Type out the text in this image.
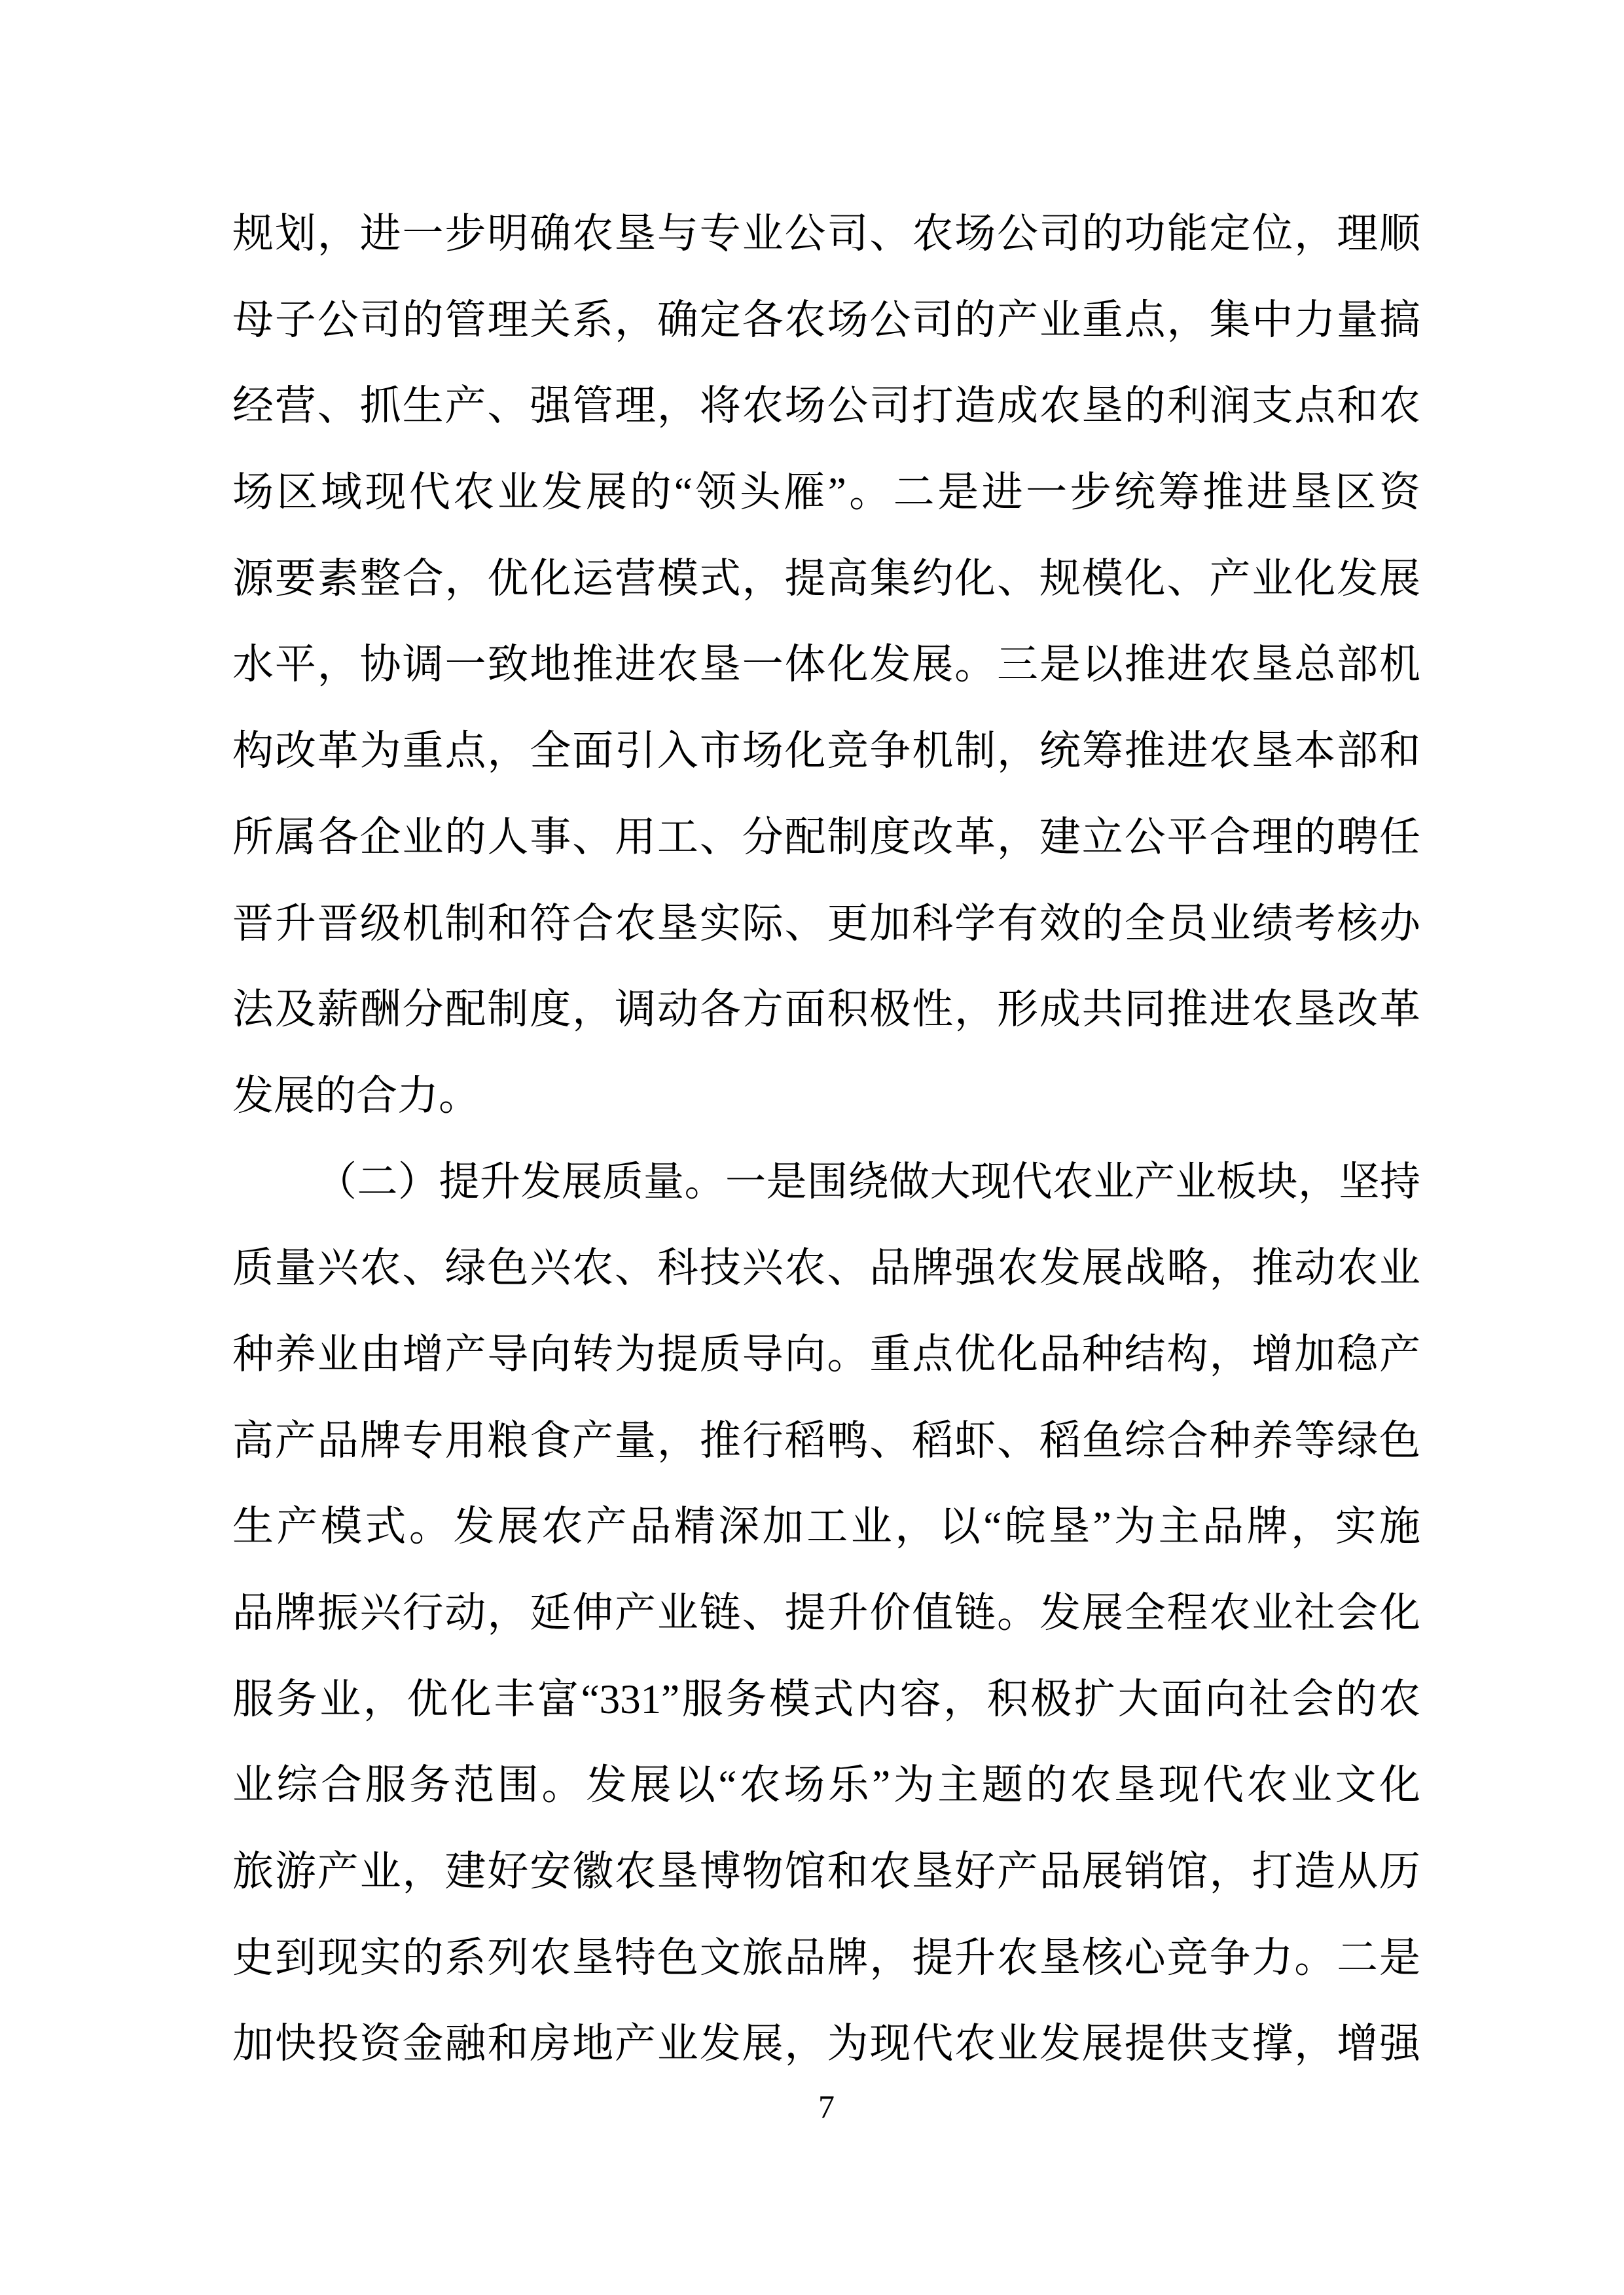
规划，进一步明确农垦与专业公司、农场公司的功能定位，理顺
母子公司的管理关系，确定各农场公司的产业重点，集中力量搞
经营、抓生产、强管理，将农场公司打造成农垦的利润支点和农
场区域现代农业发展的“领头雁”。二是进一步统筹推进垦区资
源要素整合，优化运营模式，提高集约化、规模化、产业化发展
水平，协调一致地推进农垦一体化发展。三是以推进农垦总部机
构改革为重点，全面引入市场化竞争机制，统筹推进农垦本部和
所属各企业的人事、用工、分配制度改革，建立公平合理的聘任
晋升晋级机制和符合农垦实际、更加科学有效的全员业绩考核办
法及薪酬分配制度，调动各方面积极性，形成共同推进农垦改革
发展的合力。
（二）提升发展质量。一是围绕做大现代农业产业板块，坚持
质量兴农、绿色兴农、科技兴农、品牌强农发展战略，推动农业
种养业由增产导向转为提质导向。重点优化品种结构，增加稳产
高产品牌专用粮食产量，推行稻鸭、稻虾、稻鱼综合种养等绿色
生产模式。发展农产品精深加工业，以“皖垦”为主品牌，实施
品牌振兴行动，延伸产业链、提升价值链。发展全程农业社会化
服务业，优化丰富“331”服务模式内容，积极扩大面向社会的农
业综合服务范围。发展以“农场乐”为主题的农垦现代农业文化
旅游产业，建好安徽农垦博物馆和农垦好产品展销馆，打造从历
史到现实的系列农垦特色文旅品牌，提升农垦核心竞争力。二是
加快投资金融和房地产业发展，为现代农业发展提供支撑，增强
7
